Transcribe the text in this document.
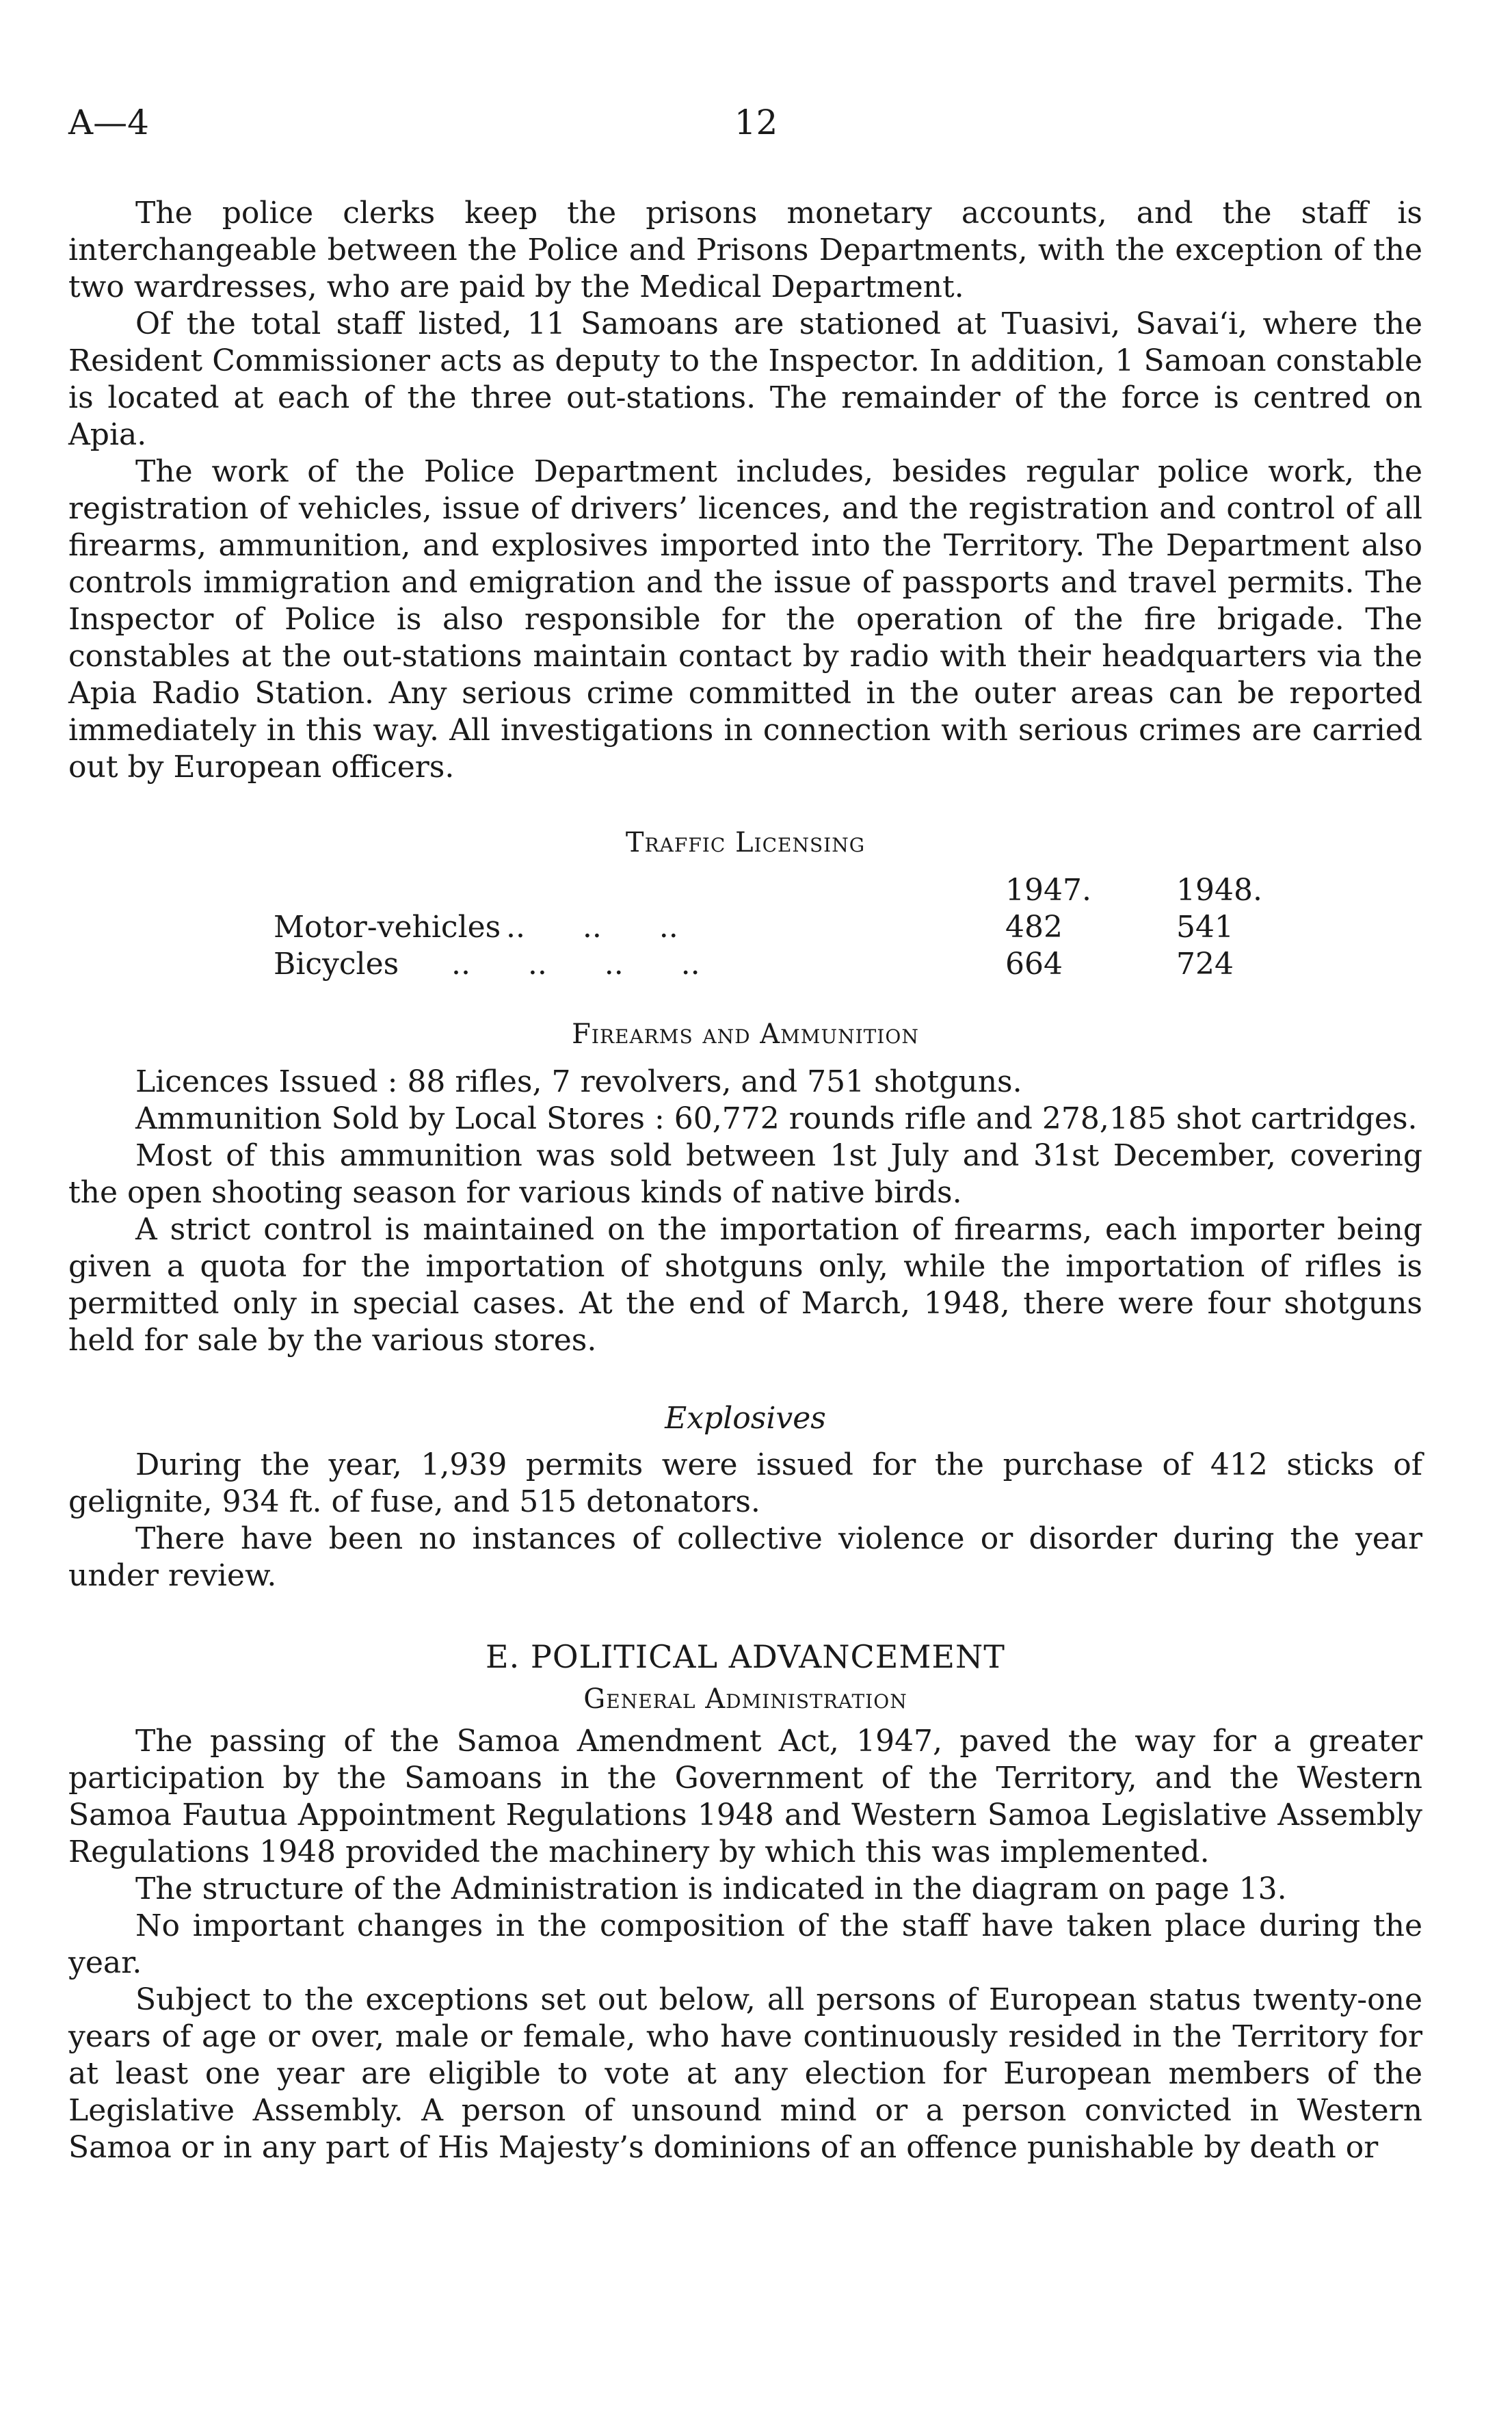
A—4	12

The police clerks keep the prisons monetary accounts, and the staff is interchangeable between the Police and Prisons Departments, with the exception of the two wardresses, who are paid by the Medical Department.

Of the total staff listed, 11 Samoans are stationed at Tuasivi, Savai‘i, where the Resident Commissioner acts as deputy to the Inspector. In addition, 1 Samoan constable is located at each of the three out-stations. The remainder of the force is centred on Apia.

The work of the Police Department includes, besides regular police work, the registration of vehicles, issue of drivers’ licences, and the registration and control of all firearms, ammunition, and explosives imported into the Territory. The Department also controls immigration and emigration and the issue of passports and travel permits. The Inspector of Police is also responsible for the operation of the fire brigade. The constables at the out-stations maintain contact by radio with their headquarters via the Apia Radio Station. Any serious crime committed in the outer areas can be reported immediately in this way. All investigations in connection with serious crimes are carried out by European officers.

Traffic Licensing
1947.	1948.
Motor-vehicles ..      ..      ..	482	541
Bicycles ..      ..      ..      ..	664	724
Firearms and Ammunition

Licences Issued : 88 rifles, 7 revolvers, and 751 shotguns.

Ammunition Sold by Local Stores : 60,772 rounds rifle and 278,185 shot cartridges.

Most of this ammunition was sold between 1st July and 31st December, covering the open shooting season for various kinds of native birds.

A strict control is maintained on the importation of firearms, each importer being given a quota for the importation of shotguns only, while the importation of rifles is permitted only in special cases. At the end of March, 1948, there were four shotguns held for sale by the various stores.

Explosives

During the year, 1,939 permits were issued for the purchase of 412 sticks of gelignite, 934 ft. of fuse, and 515 detonators.

There have been no instances of collective violence or disorder during the year under review.

E. POLITICAL ADVANCEMENT
General Administration

The passing of the Samoa Amendment Act, 1947, paved the way for a greater participation by the Samoans in the Government of the Territory, and the Western Samoa Fautua Appointment Regulations 1948 and Western Samoa Legislative Assembly Regulations 1948 provided the machinery by which this was implemented.

The structure of the Administration is indicated in the diagram on page 13.

No important changes in the composition of the staff have taken place during the year.

Subject to the exceptions set out below, all persons of European status twenty-one years of age or over, male or female, who have continuously resided in the Territory for at least one year are eligible to vote at any election for European members of the Legislative Assembly. A person of unsound mind or a person convicted in Western Samoa or in any part of His Majesty’s dominions of an offence punishable by death or
